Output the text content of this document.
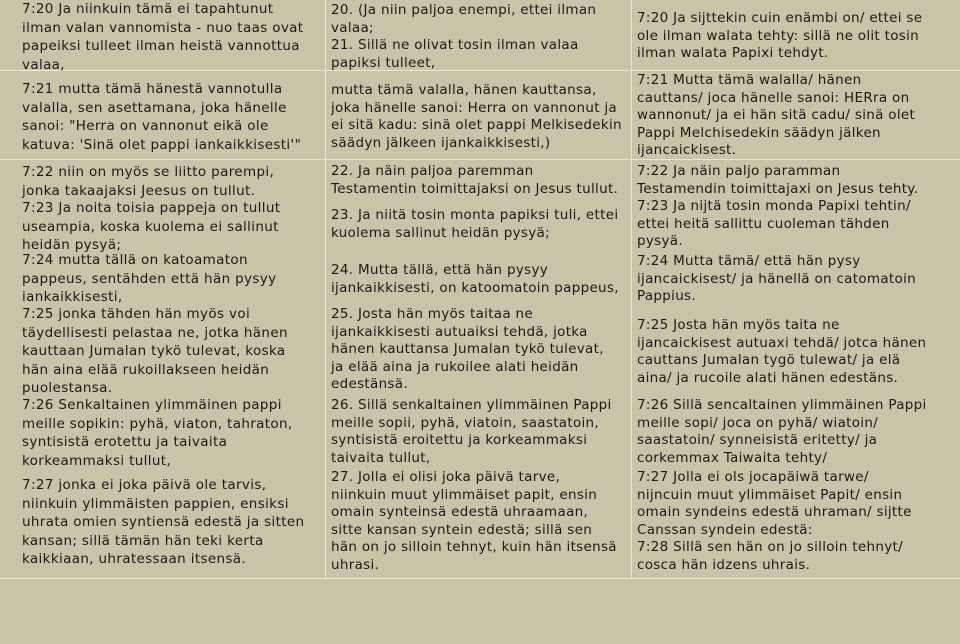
7:20 Ja niinkuin tämä ei tapahtunut
ilman valan vannomista - nuo taas ovat
papeiksi tulleet ilman heistä vannottua
valaa,
20. (Ja niin paljoa enempi, ettei ilman
valaa;
21. Sillä ne olivat tosin ilman valaa
papiksi tulleet,
7:20 Ja sijttekin cuin enämbi on/ ettei se
ole ilman walata tehty: sillä ne olit tosin
ilman walata Papixi tehdyt.
7:21 mutta tämä hänestä vannotulla
valalla, sen asettamana, joka hänelle
sanoi: "Herra on vannonut eikä ole
katuva: 'Sinä olet pappi iankaikkisesti'"
mutta tämä valalla, hänen kauttansa,
joka hänelle sanoi: Herra on vannonut ja
ei sitä kadu: sinä olet pappi Melkisedekin
säädyn jälkeen ijankaikkisesti,)
7:21 Mutta tämä walalla/ hänen
cauttans/ joca hänelle sanoi: HERra on
wannonut/ ja ei hän sitä cadu/ sinä olet
Pappi Melchisedekin säädyn jälken
ijancaickisest.
7:22 niin on myös se liitto parempi,
jonka takaajaksi Jeesus on tullut.
22. Ja näin paljoa paremman
Testamentin toimittajaksi on Jesus tullut.
7:22 Ja näin paljo paramman
Testamendin toimittajaxi on Jesus tehty.
7:23 Ja noita toisia pappeja on tullut
useampia, koska kuolema ei sallinut
heidän pysyä;
7:24 mutta tällä on katoamaton
pappeus, sentähden että hän pysyy
iankaikkisesti,
7:25 jonka tähden hän myös voi
täydellisesti pelastaa ne, jotka hänen
kauttaan Jumalan tykö tulevat, koska
hän aina elää rukoillakseen heidän
puolestansa.
7:26 Senkaltainen ylimmäinen pappi
meille sopikin: pyhä, viaton, tahraton,
syntisistä erotettu ja taivaita
korkeammaksi tullut,
7:27 jonka ei joka päivä ole tarvis,
niinkuin ylimmäisten pappien, ensiksi
uhrata omien syntiensä edestä ja sitten
kansan; sillä tämän hän teki kerta
kaikkiaan, uhratessaan itsensä.
23. Ja niitä tosin monta papiksi tuli, ettei
kuolema sallinut heidän pysyä;
24. Mutta tällä, että hän pysyy
ijankaikkisesti, on katoomatoin pappeus,
25. Josta hän myös taitaa ne
ijankaikkisesti autuaiksi tehdä, jotka
hänen kauttansa Jumalan tykö tulevat,
ja elää aina ja rukoilee alati heidän
edestänsä.
26. Sillä senkaltainen ylimmäinen Pappi
meille sopii, pyhä, viatoin, saastatoin,
syntisistä eroitettu ja korkeammaksi
taivaita tullut,
27. Jolla ei olisi joka päivä tarve,
niinkuin muut ylimmäiset papit, ensin
omain synteinsä edestä uhraamaan,
sitte kansan syntein edestä; sillä sen
hän on jo silloin tehnyt, kuin hän itsensä
uhrasi.
7:23 Ja nijtä tosin monda Papixi tehtin/
ettei heitä sallittu cuoleman tähden
pysyä.
7:24 Mutta tämä/ että hän pysy
ijancaickisest/ ja hänellä on catomatoin
Pappius.
7:25 Josta hän myös taita ne
ijancaickisest autuaxi tehdä/ jotca hänen
cauttans Jumalan tygö tulewat/ ja elä
aina/ ja rucoile alati hänen edestäns.
7:26 Sillä sencaltainen ylimmäinen Pappi
meille sopi/ joca on pyhä/ wiatoin/
saastatoin/ synneisistä eritetty/ ja
corkemmax Taiwaita tehty/
7:27 Jolla ei ols jocapäiwä tarwe/
nijncuin muut ylimmäiset Papit/ ensin
omain syndeins edestä uhraman/ sijtte
Canssan syndein edestä:
7:28 Sillä sen hän on jo silloin tehnyt/
cosca hän idzens uhrais.
